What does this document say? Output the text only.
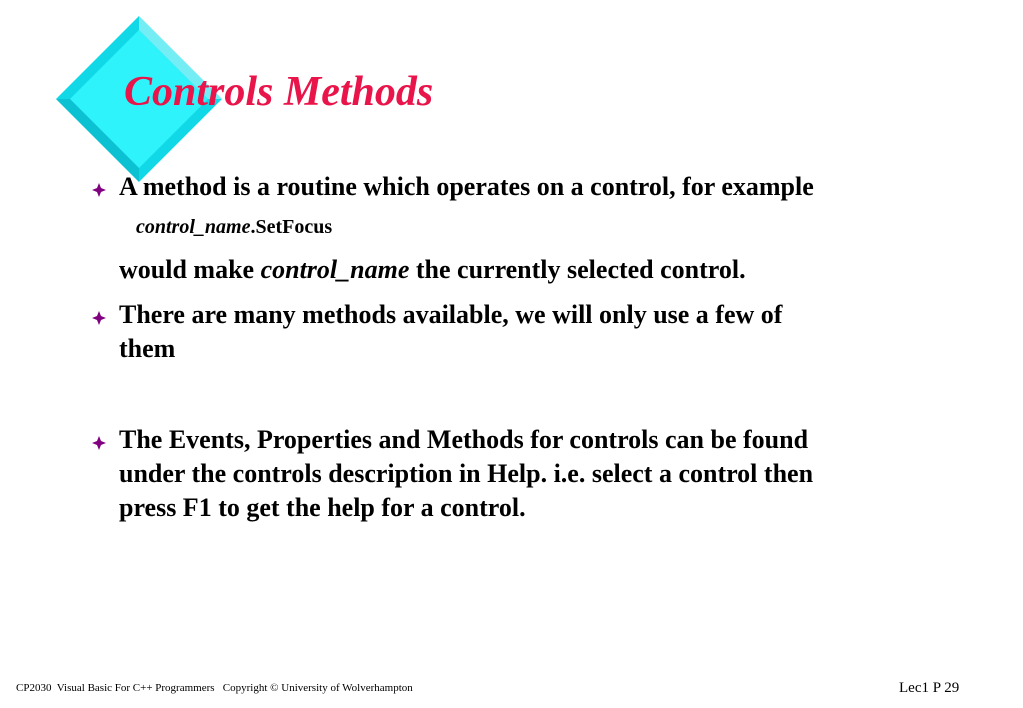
Controls Methods
A method is a routine which operates on a control, for example
control_name.SetFocus
would make control_name the currently selected control.
There are many methods available, we will only use a few of
them
The Events, Properties and Methods for controls can be found
under the controls description in Help. i.e. select a control then
press F1 to get the help for a control.
CP2030  Visual Basic For C++ Programmers   Copyright © University of Wolverhampton	Lec1 P 29
